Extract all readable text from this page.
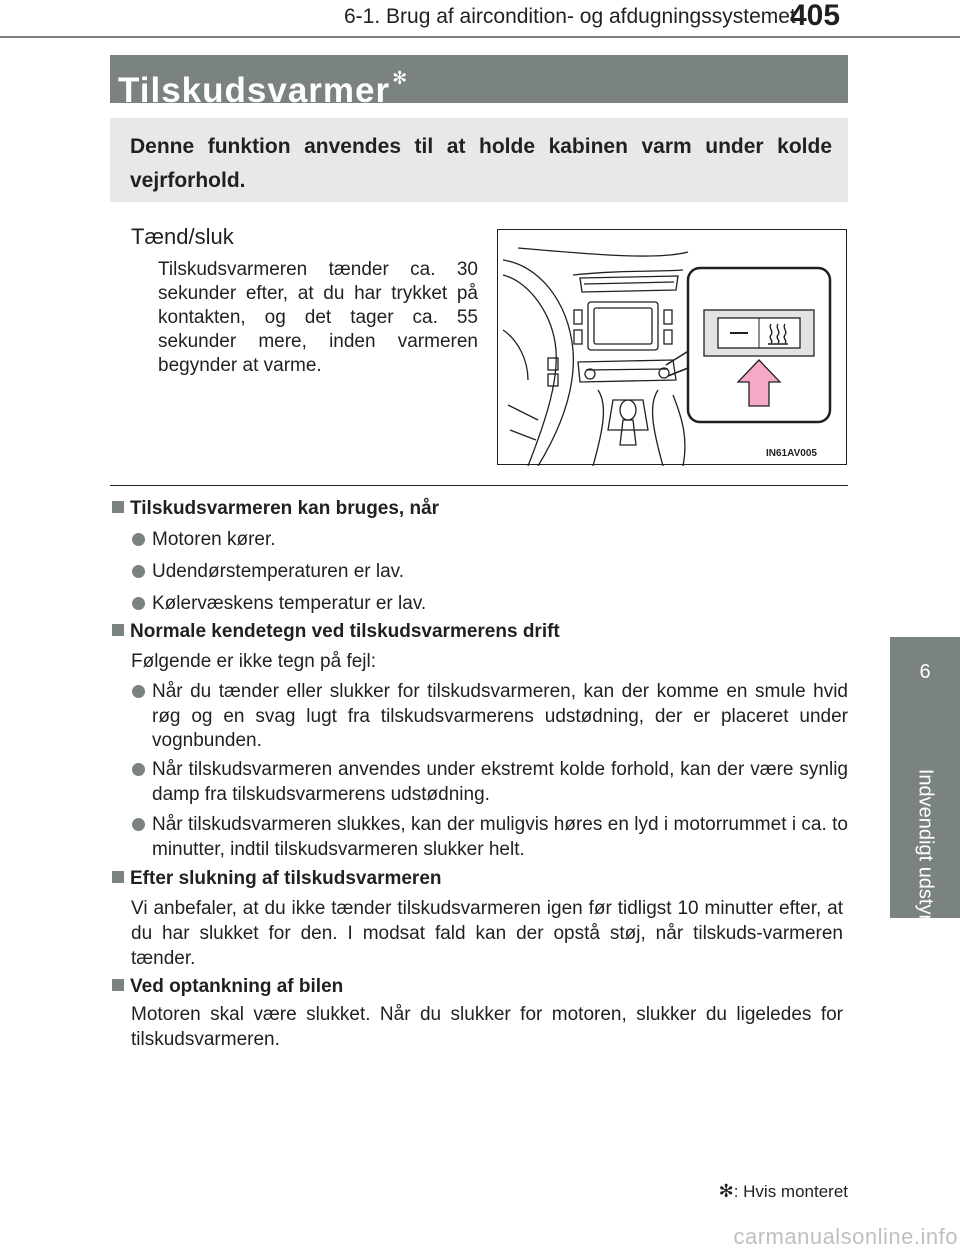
6-1. Brug af aircondition- og afdugningssystemet
405
6
Indvendigt udstyr
Tilskudsvarmer ✻
Denne funktion anvendes til at holde kabinen varm under kolde vejrforhold.
Tænd/sluk
Tilskudsvarmeren tænder ca. 30 sekunder efter, at du har trykket på kontakten, og det tager ca. 55 sekunder mere, inden varmeren begynder at varme.
IN61AV005
Tilskudsvarmeren kan bruges, når
Motoren kører.
Udendørstemperaturen er lav.
Kølervæskens temperatur er lav.
Normale kendetegn ved tilskudsvarmerens drift
Følgende er ikke tegn på fejl:
Når du tænder eller slukker for tilskudsvarmeren, kan der komme en smule hvid røg og en svag lugt fra tilskudsvarmerens udstødning, der er placeret under vognbunden.
Når tilskudsvarmeren anvendes under ekstremt kolde forhold, kan der være synlig damp fra tilskudsvarmerens udstødning.
Når tilskudsvarmeren slukkes, kan der muligvis høres en lyd i motorrummet i ca. to minutter, indtil tilskudsvarmeren slukker helt.
Efter slukning af tilskudsvarmeren
Vi anbefaler, at du ikke tænder tilskudsvarmeren igen før tidligst 10 minutter efter, at du har slukket for den. I modsat fald kan der opstå støj, når tilskuds-varmeren tænder.
Ved optankning af bilen
Motoren skal være slukket. Når du slukker for motoren, slukker du ligeledes for tilskudsvarmeren.
✻: Hvis monteret
carmanualsonline.info
